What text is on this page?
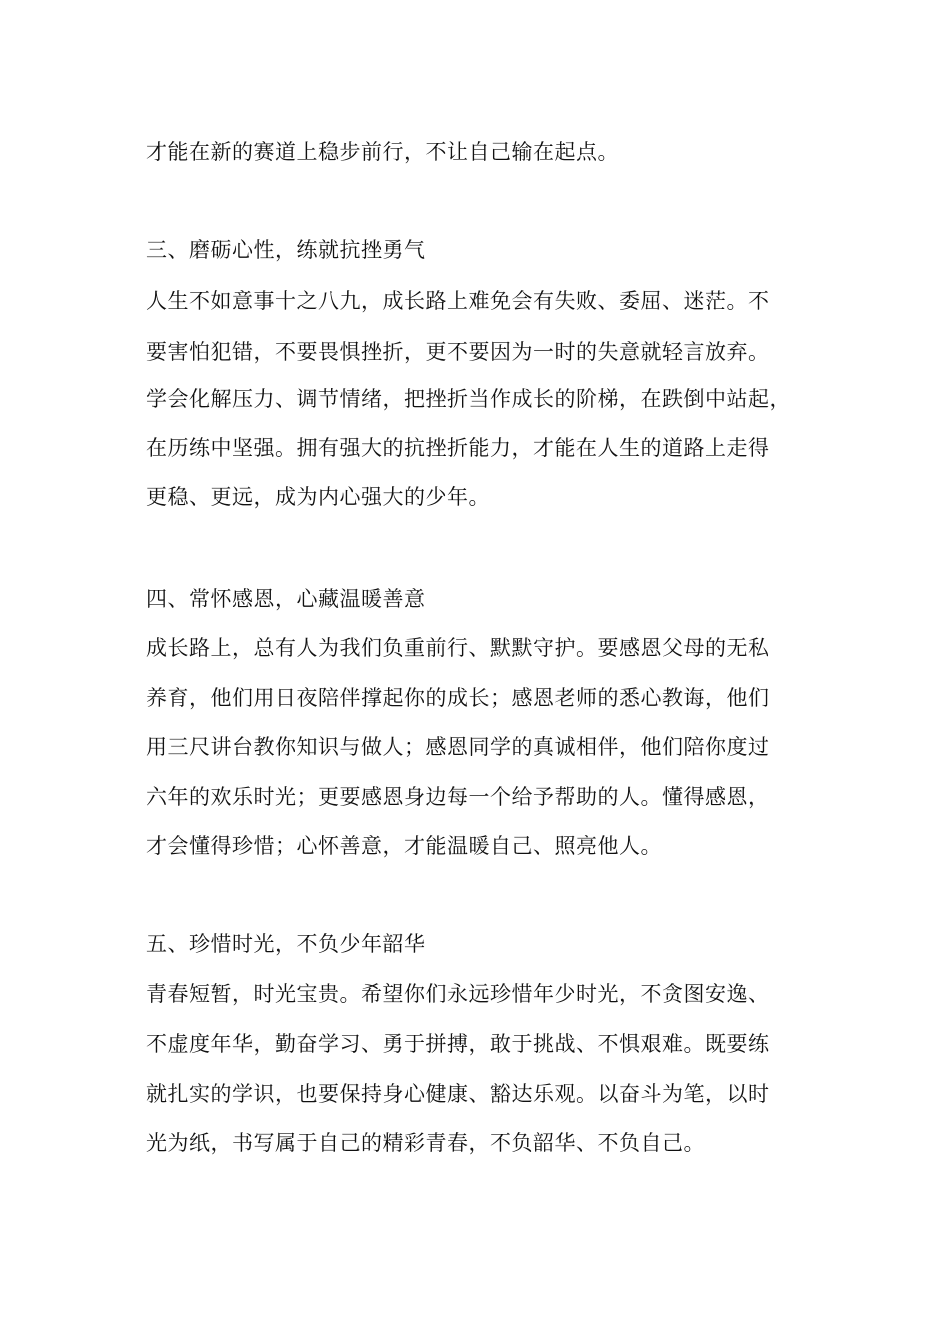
才能在新的赛道上稳步前行，不让自己输在起点。
三、磨砺心性，练就抗挫勇气
人生不如意事十之八九，成长路上难免会有失败、委屈、迷茫。不
要害怕犯错，不要畏惧挫折，更不要因为一时的失意就轻言放弃。
学会化解压力、调节情绪，把挫折当作成长的阶梯，在跌倒中站起，
在历练中坚强。拥有强大的抗挫折能力，才能在人生的道路上走得
更稳、更远，成为内心强大的少年。
四、常怀感恩，心藏温暖善意
成长路上，总有人为我们负重前行、默默守护。要感恩父母的无私
养育，他们用日夜陪伴撑起你的成长；感恩老师的悉心教诲，他们
用三尺讲台教你知识与做人；感恩同学的真诚相伴，他们陪你度过
六年的欢乐时光；更要感恩身边每一个给予帮助的人。懂得感恩，
才会懂得珍惜；心怀善意，才能温暖自己、照亮他人。
五、珍惜时光，不负少年韶华
青春短暂，时光宝贵。希望你们永远珍惜年少时光，不贪图安逸、
不虚度年华，勤奋学习、勇于拼搏，敢于挑战、不惧艰难。既要练
就扎实的学识，也要保持身心健康、豁达乐观。以奋斗为笔，以时
光为纸，书写属于自己的精彩青春，不负韶华、不负自己。
